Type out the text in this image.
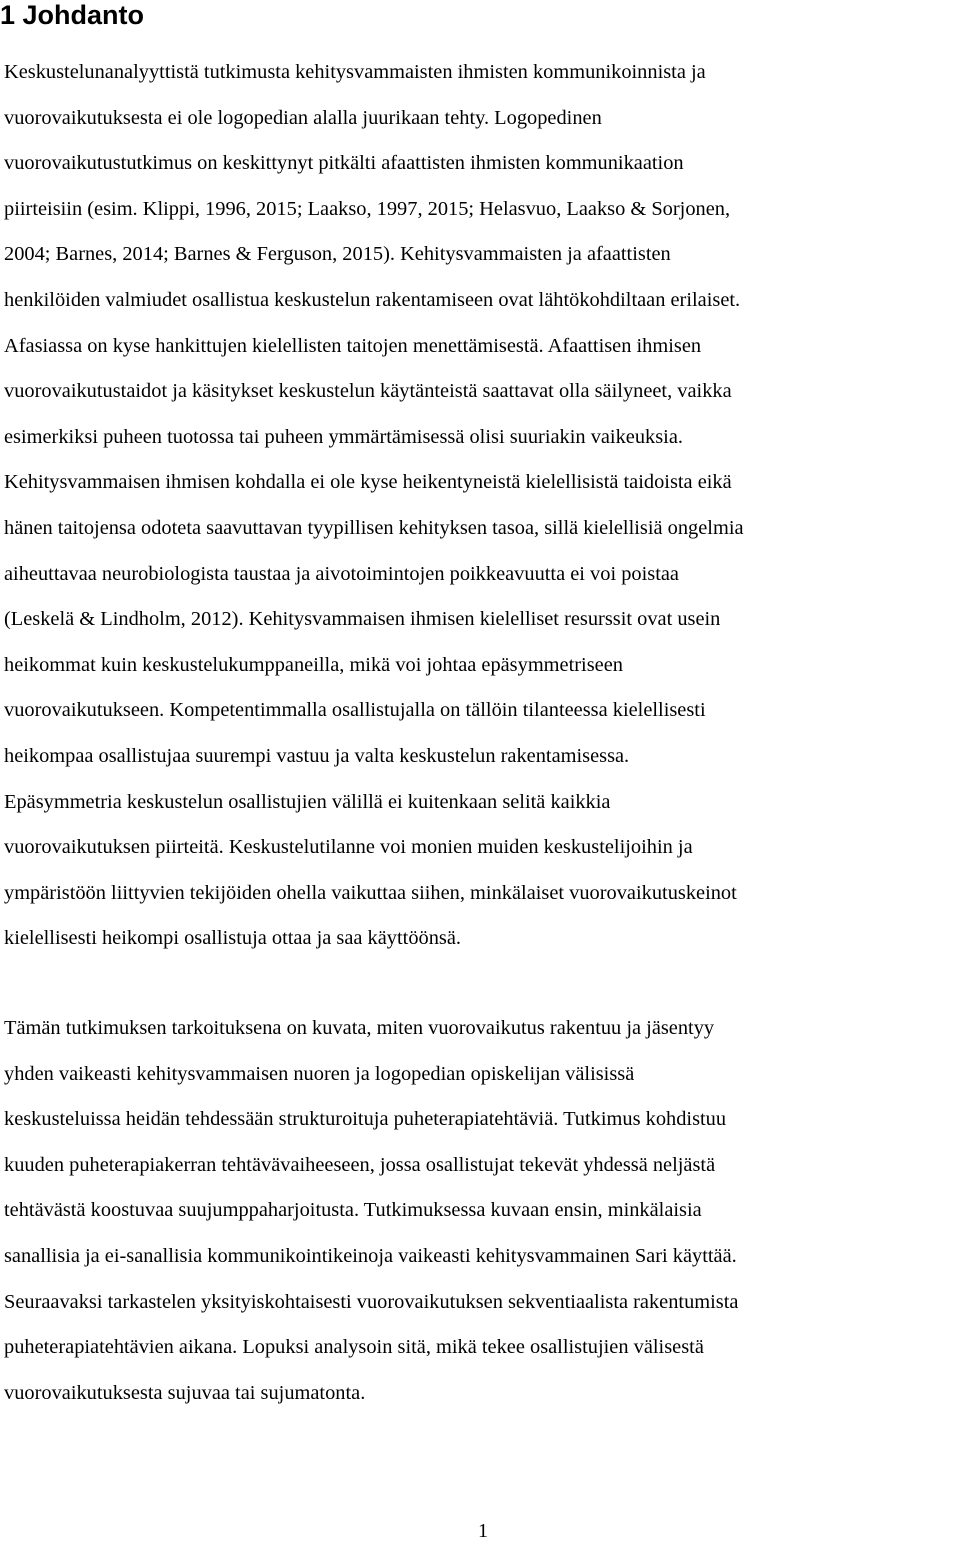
1 Johdanto
Keskustelunanalyyttistä tutkimusta kehitysvammaisten ihmisten kommunikoinnista ja
vuorovaikutuksesta ei ole logopedian alalla juurikaan tehty. Logopedinen
vuorovaikutustutkimus on keskittynyt pitkälti afaattisten ihmisten kommunikaation
piirteisiin (esim. Klippi, 1996, 2015; Laakso, 1997, 2015; Helasvuo, Laakso & Sorjonen,
2004; Barnes, 2014; Barnes & Ferguson, 2015). Kehitysvammaisten ja afaattisten
henkilöiden valmiudet osallistua keskustelun rakentamiseen ovat lähtökohdiltaan erilaiset.
Afasiassa on kyse hankittujen kielellisten taitojen menettämisestä. Afaattisen ihmisen
vuorovaikutustaidot ja käsitykset keskustelun käytänteistä saattavat olla säilyneet, vaikka
esimerkiksi puheen tuotossa tai puheen ymmärtämisessä olisi suuriakin vaikeuksia.
Kehitysvammaisen ihmisen kohdalla ei ole kyse heikentyneistä kielellisistä taidoista eikä
hänen taitojensa odoteta saavuttavan tyypillisen kehityksen tasoa, sillä kielellisiä ongelmia
aiheuttavaa neurobiologista taustaa ja aivotoimintojen poikkeavuutta ei voi poistaa
(Leskelä & Lindholm, 2012). Kehitysvammaisen ihmisen kielelliset resurssit ovat usein
heikommat kuin keskustelukumppaneilla, mikä voi johtaa epäsymmetriseen
vuorovaikutukseen. Kompetentimmalla osallistujalla on tällöin tilanteessa kielellisesti
heikompaa osallistujaa suurempi vastuu ja valta keskustelun rakentamisessa.
Epäsymmetria keskustelun osallistujien välillä ei kuitenkaan selitä kaikkia
vuorovaikutuksen piirteitä. Keskustelutilanne voi monien muiden keskustelijoihin ja
ympäristöön liittyvien tekijöiden ohella vaikuttaa siihen, minkälaiset vuorovaikutuskeinot
kielellisesti heikompi osallistuja ottaa ja saa käyttöönsä.
Tämän tutkimuksen tarkoituksena on kuvata, miten vuorovaikutus rakentuu ja jäsentyy
yhden vaikeasti kehitysvammaisen nuoren ja logopedian opiskelijan välisissä
keskusteluissa heidän tehdessään strukturoituja puheterapiatehtäviä. Tutkimus kohdistuu
kuuden puheterapiakerran tehtävävaiheeseen, jossa osallistujat tekevät yhdessä neljästä
tehtävästä koostuvaa suujumppaharjoitusta. Tutkimuksessa kuvaan ensin, minkälaisia
sanallisia ja ei-sanallisia kommunikointikeinoja vaikeasti kehitysvammainen Sari käyttää.
Seuraavaksi tarkastelen yksityiskohtaisesti vuorovaikutuksen sekventiaalista rakentumista
puheterapiatehtävien aikana. Lopuksi analysoin sitä, mikä tekee osallistujien välisestä
vuorovaikutuksesta sujuvaa tai sujumatonta.
1
